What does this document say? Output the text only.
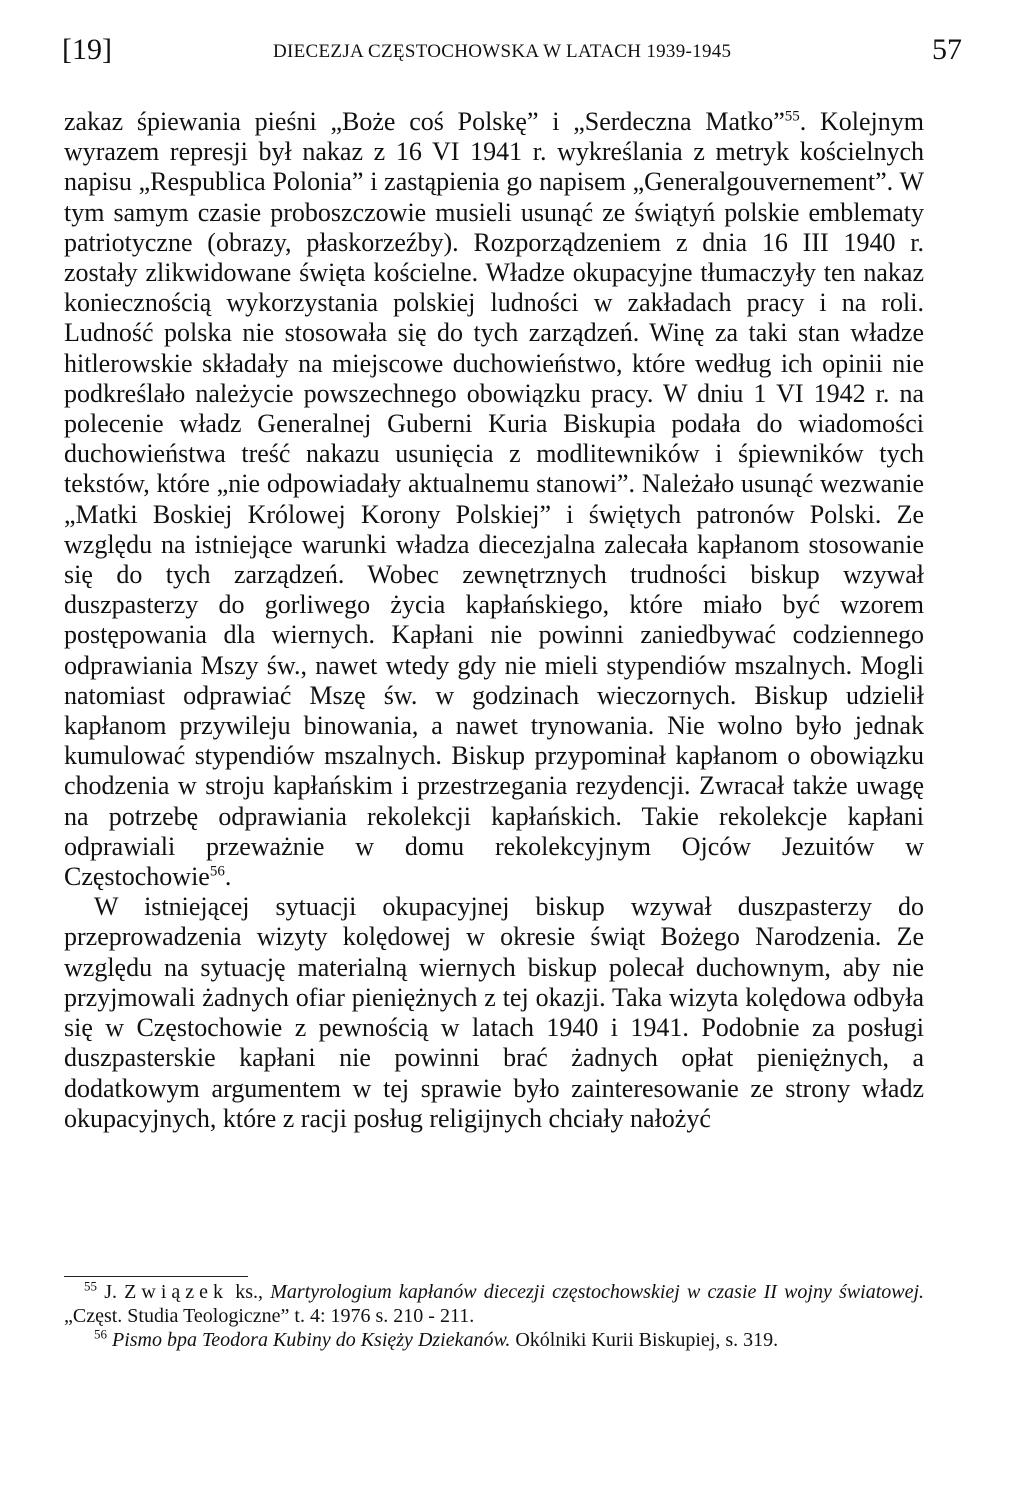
[19]	DIECEZJA CZĘSTOCHOWSKA W LATACH 1939-1945	57

zakaz śpiewania pieśni „Boże coś Polskę” i „Serdeczna Matko”$^{55}$. Kolejnym wyrazem represji był nakaz z 16 VI 1941 r. wykreślania z metryk kościelnych napisu „Respublica Polonia” i zastąpienia go napisem „Generalgouvernement”. W tym samym czasie proboszczowie musieli usunąć ze świątyń polskie emblematy patriotyczne (obrazy, płaskorzeźby). Rozporządzeniem z dnia 16 III 1940 r. zostały zlikwidowane święta kościelne. Władze okupacyjne tłumaczyły ten nakaz koniecznością wykorzystania polskiej ludności w zakładach pracy i na roli. Ludność polska nie stosowała się do tych zarządzeń. Winę za taki stan władze hitlerowskie składały na miejscowe duchowieństwo, które według ich opinii nie podkreślało należycie powszechnego obowiązku pracy. W dniu 1 VI 1942 r. na polecenie władz Generalnej Guberni Kuria Biskupia podała do wiadomości duchowieństwa treść nakazu usunięcia z modlitewników i śpiewników tych tekstów, które „nie odpowiadały aktualnemu stanowi”. Należało usunąć wezwanie „Matki Boskiej Królowej Korony Polskiej” i świętych patronów Polski. Ze względu na istniejące warunki władza diecezjalna zalecała kapłanom stosowanie się do tych zarządzeń. Wobec zewnętrznych trudności biskup wzywał duszpasterzy do gorliwego życia kapłańskiego, które miało być wzorem postępowania dla wiernych. Kapłani nie powinni zaniedbywać codziennego odprawiania Mszy św., nawet wtedy gdy nie mieli stypendiów mszalnych. Mogli natomiast odprawiać Mszę św. w godzinach wieczornych. Biskup udzielił kapłanom przywileju binowania, a nawet trynowania. Nie wolno było jednak kumulować stypendiów mszalnych. Biskup przypominał kapłanom o obowiązku chodzenia w stroju kapłańskim i przestrzegania rezydencji. Zwracał także uwagę na potrzebę odprawiania rekolekcji kapłańskich. Takie rekolekcje kapłani odprawiali przeważnie w domu rekolekcyjnym Ojców Jezuitów w Częstochowie$^{56}$.

W istniejącej sytuacji okupacyjnej biskup wzywał duszpasterzy do przeprowadzenia wizyty kolędowej w okresie świąt Bożego Narodzenia. Ze względu na sytuację materialną wiernych biskup polecał duchownym, aby nie przyjmowali żadnych ofiar pieniężnych z tej okazji. Taka wizyta kolędowa odbyła się w Częstochowie z pewnością w latach 1940 i 1941. Podobnie za posługi duszpasterskie kapłani nie powinni brać żadnych opłat pieniężnych, a dodatkowym argumentem w tej sprawie było zainteresowanie ze strony władz okupacyjnych, które z racji posług religijnych chciały nałożyć

$^{55}$ J. Związek ks., Martyrologium kapłanów diecezji częstochowskiej w czasie II wojny światowej. „Częst. Studia Teologiczne” t. 4: 1976 s. 210 - 211.

$^{56}$ Pismo bpa Teodora Kubiny do Księży Dziekanów. Okólniki Kurii Biskupiej, s. 319.
